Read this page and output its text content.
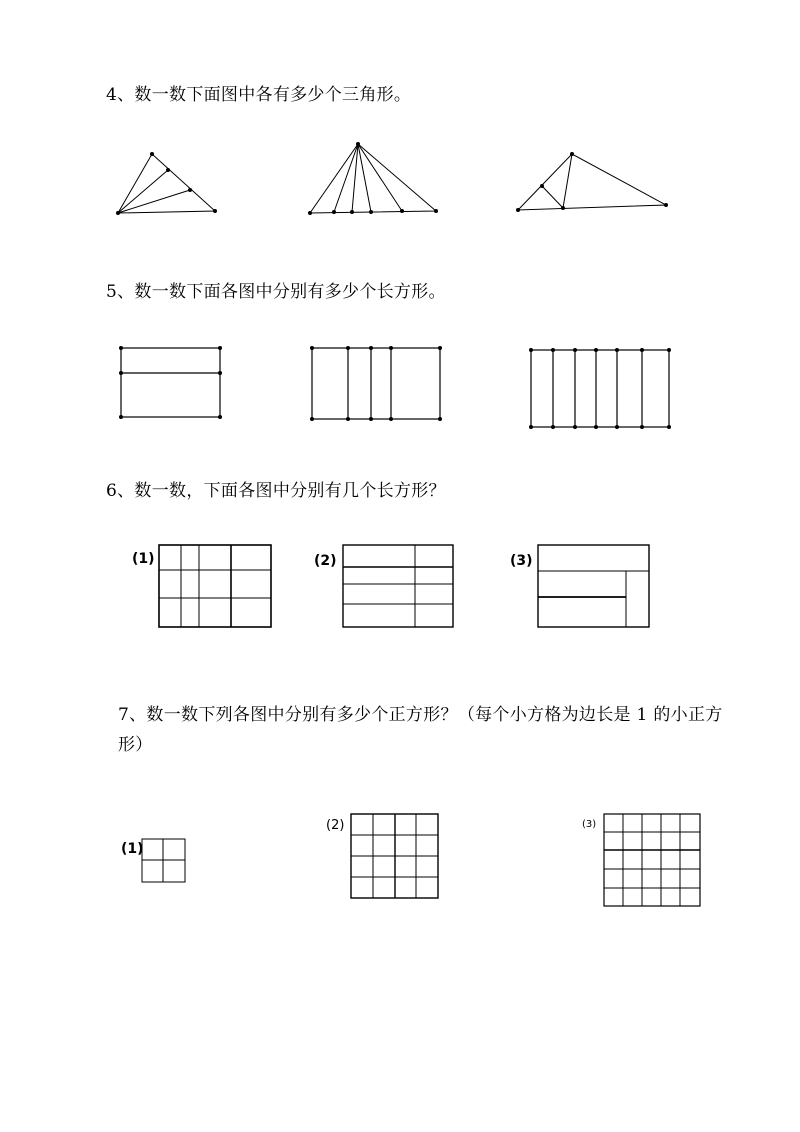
4、数一数下面图中各有多少个三角形。

5、数一数下面各图中分别有多少个长方形。

6、数一数，下面各图中分别有几个长方形？

7、数一数下列各图中分别有多少个正方形？（每个小方格为边长是 1 的小正方形）

(1)	(2)	(3)
(1)
(2)	(3)
